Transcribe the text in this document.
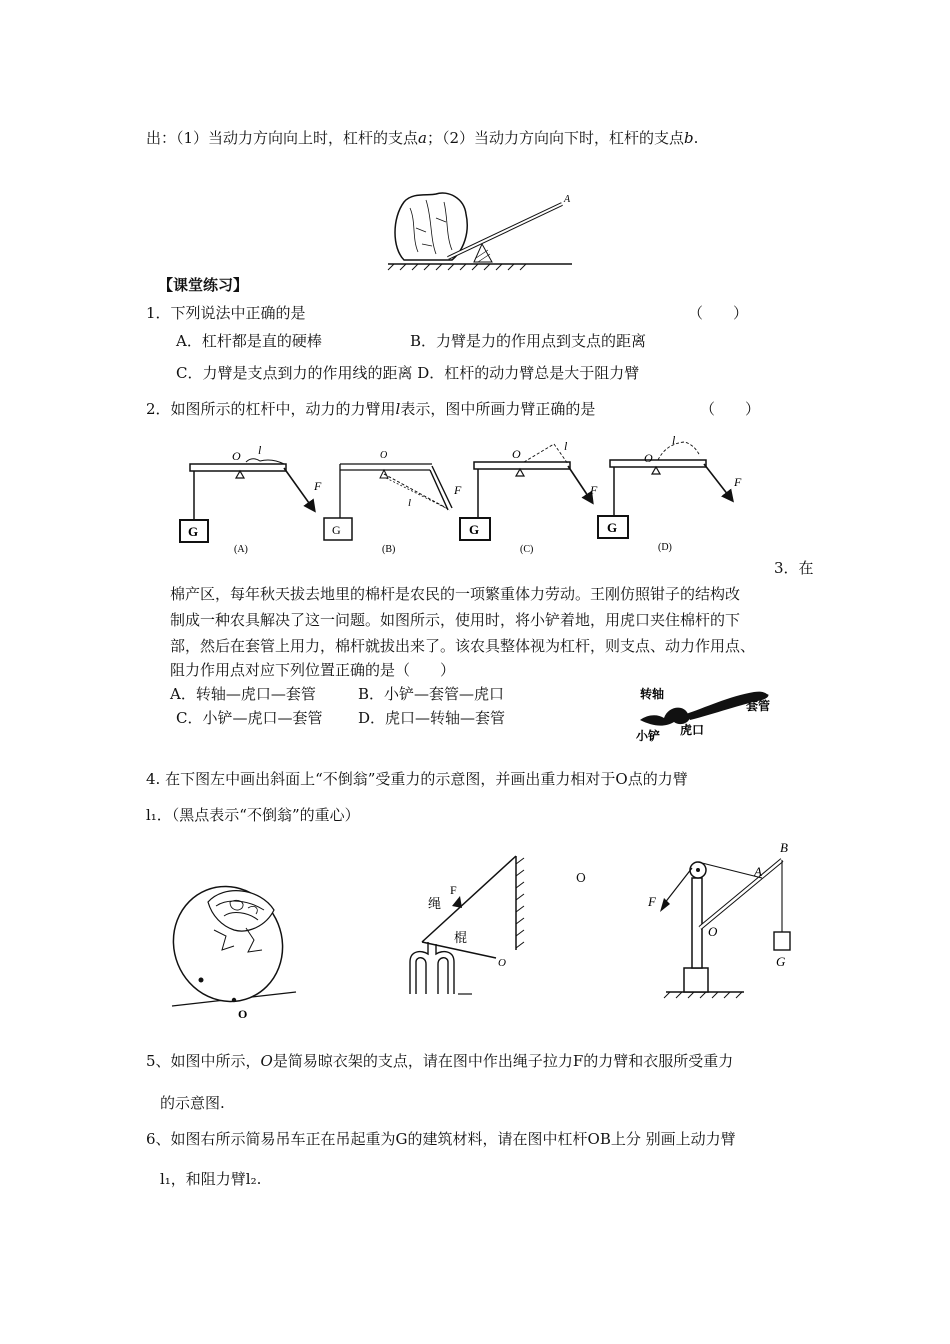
出：（1）当动力方向向上时，杠杆的支点a；（2）当动力方向向下时，杠杆的支点b.
A
【课堂练习】
1．下列说法中正确的是	（　　）
A．杠杆都是直的硬棒	B．力臂是力的作用点到支点的距离
C．力臂是支点到力的作用线的距离 D．杠杆的动力臂总是大于阻力臂
2．如图所示的杠杆中，动力的力臂用l表示，图中所画力臂正确的是	（　　）
G
O l
F
(A)
G
O
l
F
(B)
G
O
l
F
(C)
G
O
l
F
(D)
3．在
棉产区，每年秋天拔去地里的棉杆是农民的一项繁重体力劳动。王刚仿照钳子的结构改
制成一种农具解决了这一问题。如图所示，使用时，将小铲着地，用虎口夹住棉杆的下
部，然后在套管上用力，棉杆就拔出来了。该农具整体视为杠杆，则支点、动力作用点、
阻力作用点对应下列位置正确的是（　　）
A．转轴—虎口—套管	B．小铲—套管—虎口
C．小铲—虎口—套管 D．虎口—转轴—套管
转轴
套管
小铲 虎口
4. 在下图左中画出斜面上“不倒翁”受重力的示意图，并画出重力相对于O点的力臂
l₁．（黑点表示“不倒翁”的重心）
O
绳
F
棍
O
Ο
B
A
F
O
G
5、如图中所示，O是简易晾衣架的支点，请在图中作出绳子拉力F的力臂和衣服所受重力
的示意图.
6、如图右所示简易吊车正在吊起重为G的建筑材料，请在图中杠杆OB上分 别画上动力臂
l₁，和阻力臂l₂.
